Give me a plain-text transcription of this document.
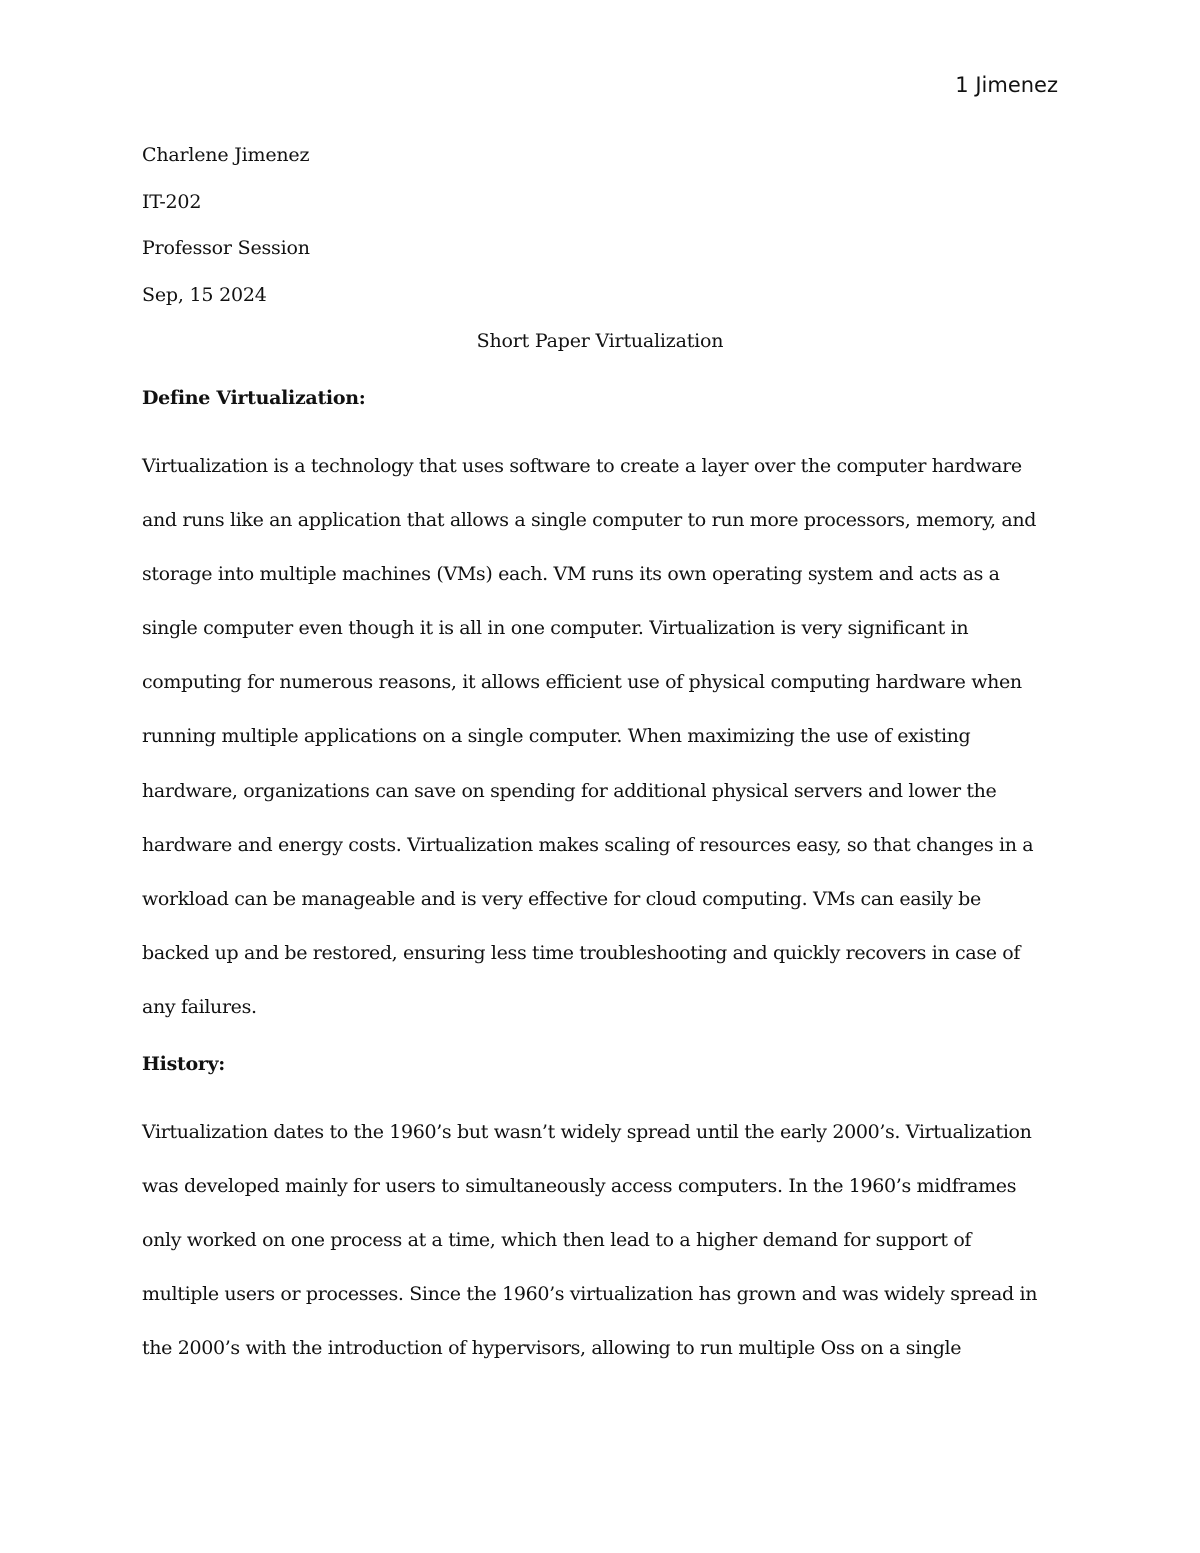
1 Jimenez

Charlene Jimenez

IT-202

Professor Session

Sep, 15 2024

Short Paper Virtualization

Define Virtualization:

Virtualization is a technology that uses software to create a layer over the computer hardware
and runs like an application that allows a single computer to run more processors, memory, and
storage into multiple machines (VMs) each. VM runs its own operating system and acts as a
single computer even though it is all in one computer. Virtualization is very significant in
computing for numerous reasons, it allows efficient use of physical computing hardware when
running multiple applications on a single computer. When maximizing the use of existing
hardware, organizations can save on spending for additional physical servers and lower the
hardware and energy costs. Virtualization makes scaling of resources easy, so that changes in a
workload can be manageable and is very effective for cloud computing. VMs can easily be
backed up and be restored, ensuring less time troubleshooting and quickly recovers in case of
any failures.

History:

Virtualization dates to the 1960’s but wasn’t widely spread until the early 2000’s. Virtualization
was developed mainly for users to simultaneously access computers. In the 1960’s midframes
only worked on one process at a time, which then lead to a higher demand for support of
multiple users or processes. Since the 1960’s virtualization has grown and was widely spread in
the 2000’s with the introduction of hypervisors, allowing to run multiple Oss on a single
